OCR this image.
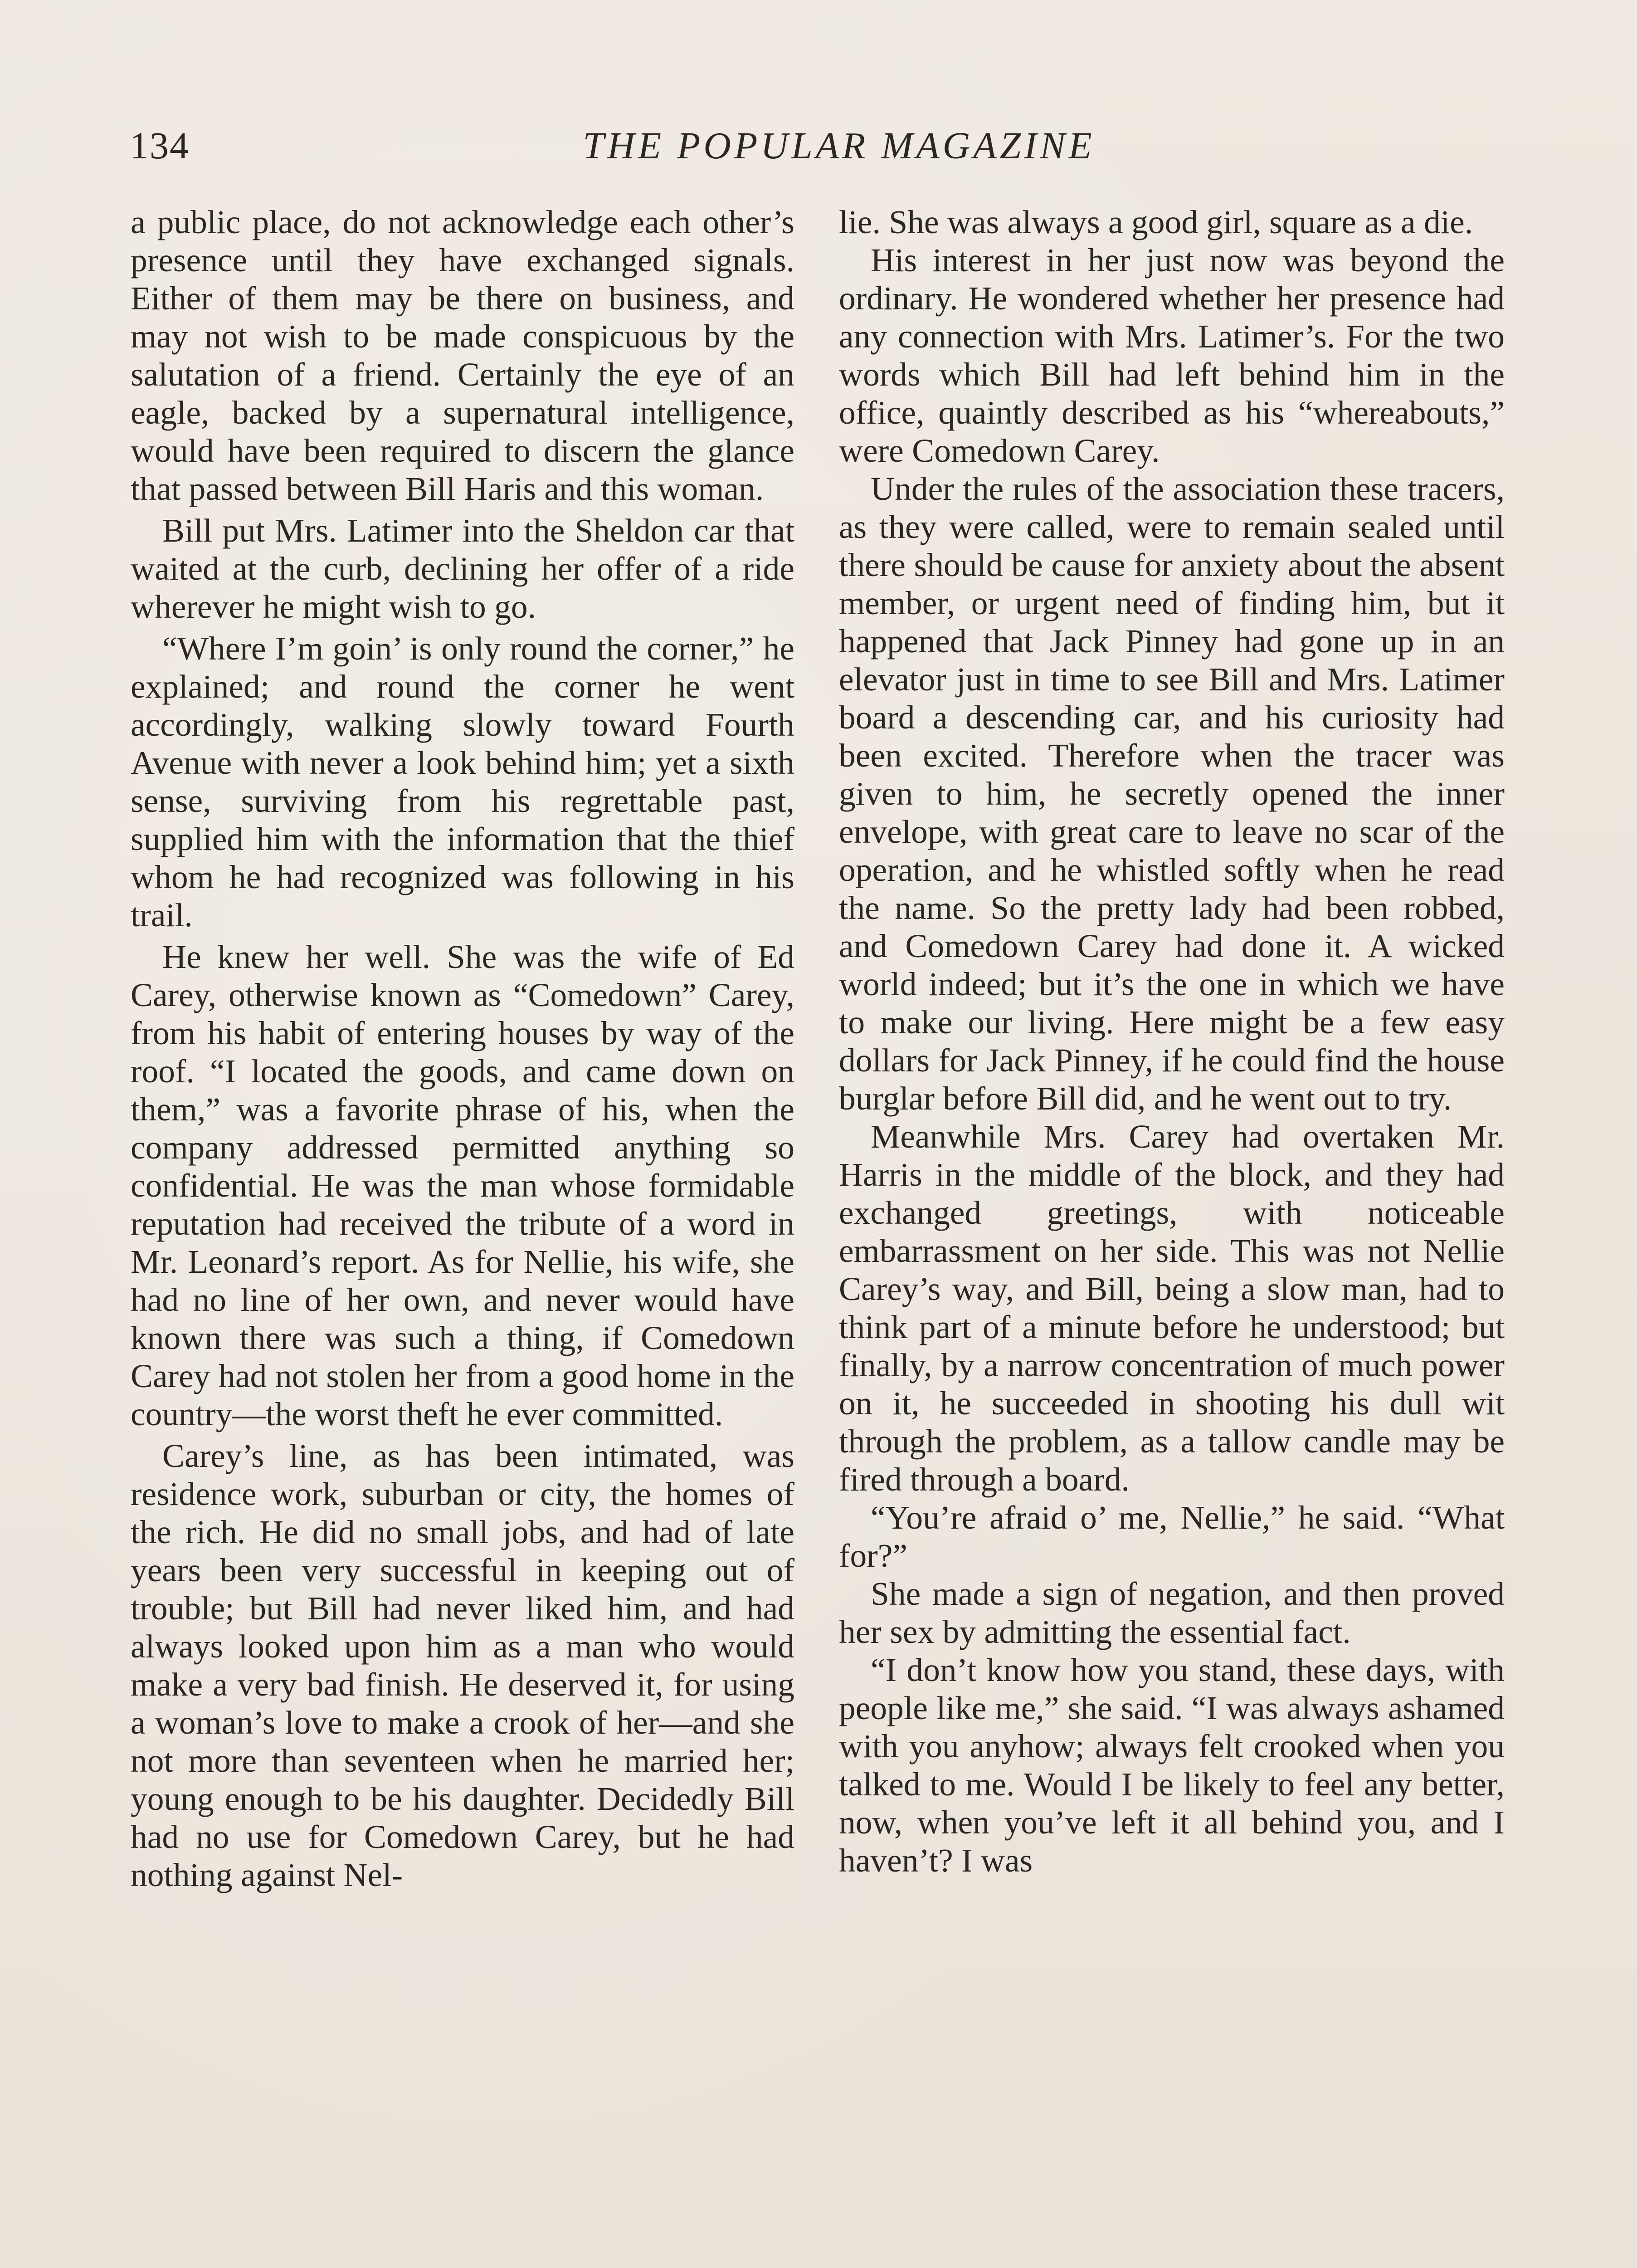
134	THE POPULAR MAGAZINE

a public place, do not acknowledge each other’s presence until they have exchanged signals. Either of them may be there on business, and may not wish to be made conspicuous by the salutation of a friend. Certainly the eye of an eagle, backed by a supernatural intelligence, would have been required to discern the glance that passed between Bill Haris and this woman.

Bill put Mrs. Latimer into the Sheldon car that waited at the curb, declining her offer of a ride wherever he might wish to go.

“Where I’m goin’ is only round the corner,” he explained; and round the corner he went accordingly, walking slowly toward Fourth Avenue with never a look behind him; yet a sixth sense, surviving from his regrettable past, supplied him with the information that the thief whom he had recognized was following in his trail.

He knew her well. She was the wife of Ed Carey, otherwise known as “Comedown” Carey, from his habit of entering houses by way of the roof. “I located the goods, and came down on them,” was a favorite phrase of his, when the company addressed permitted anything so confidential. He was the man whose formidable reputation had received the tribute of a word in Mr. Leonard’s report. As for Nellie, his wife, she had no line of her own, and never would have known there was such a thing, if Comedown Carey had not stolen her from a good home in the country—the worst theft he ever committed.

Carey’s line, as has been intimated, was residence work, suburban or city, the homes of the rich. He did no small jobs, and had of late years been very successful in keeping out of trouble; but Bill had never liked him, and had always looked upon him as a man who would make a very bad finish. He deserved it, for using a woman’s love to make a crook of her—and she not more than seventeen when he married her; young enough to be his daughter. Decidedly Bill had no use for Comedown Carey, but he had nothing against Nel-

lie. She was always a good girl, square as a die.

His interest in her just now was beyond the ordinary. He wondered whether her presence had any connection with Mrs. Latimer’s. For the two words which Bill had left behind him in the office, quaintly described as his “whereabouts,” were Comedown Carey.

Under the rules of the association these tracers, as they were called, were to remain sealed until there should be cause for anxiety about the absent member, or urgent need of finding him, but it happened that Jack Pinney had gone up in an elevator just in time to see Bill and Mrs. Latimer board a descending car, and his curiosity had been excited. Therefore when the tracer was given to him, he secretly opened the inner envelope, with great care to leave no scar of the operation, and he whistled softly when he read the name. So the pretty lady had been robbed, and Comedown Carey had done it. A wicked world indeed; but it’s the one in which we have to make our living. Here might be a few easy dollars for Jack Pinney, if he could find the house burglar before Bill did, and he went out to try.

Meanwhile Mrs. Carey had overtaken Mr. Harris in the middle of the block, and they had exchanged greetings, with noticeable embarrassment on her side. This was not Nellie Carey’s way, and Bill, being a slow man, had to think part of a minute before he understood; but finally, by a narrow concentration of much power on it, he succeeded in shooting his dull wit through the problem, as a tallow candle may be fired through a board.

“You’re afraid o’ me, Nellie,” he said. “What for?”

She made a sign of negation, and then proved her sex by admitting the essential fact.

“I don’t know how you stand, these days, with people like me,” she said. “I was always ashamed with you anyhow; always felt crooked when you talked to me. Would I be likely to feel any better, now, when you’ve left it all behind you, and I haven’t? I was
